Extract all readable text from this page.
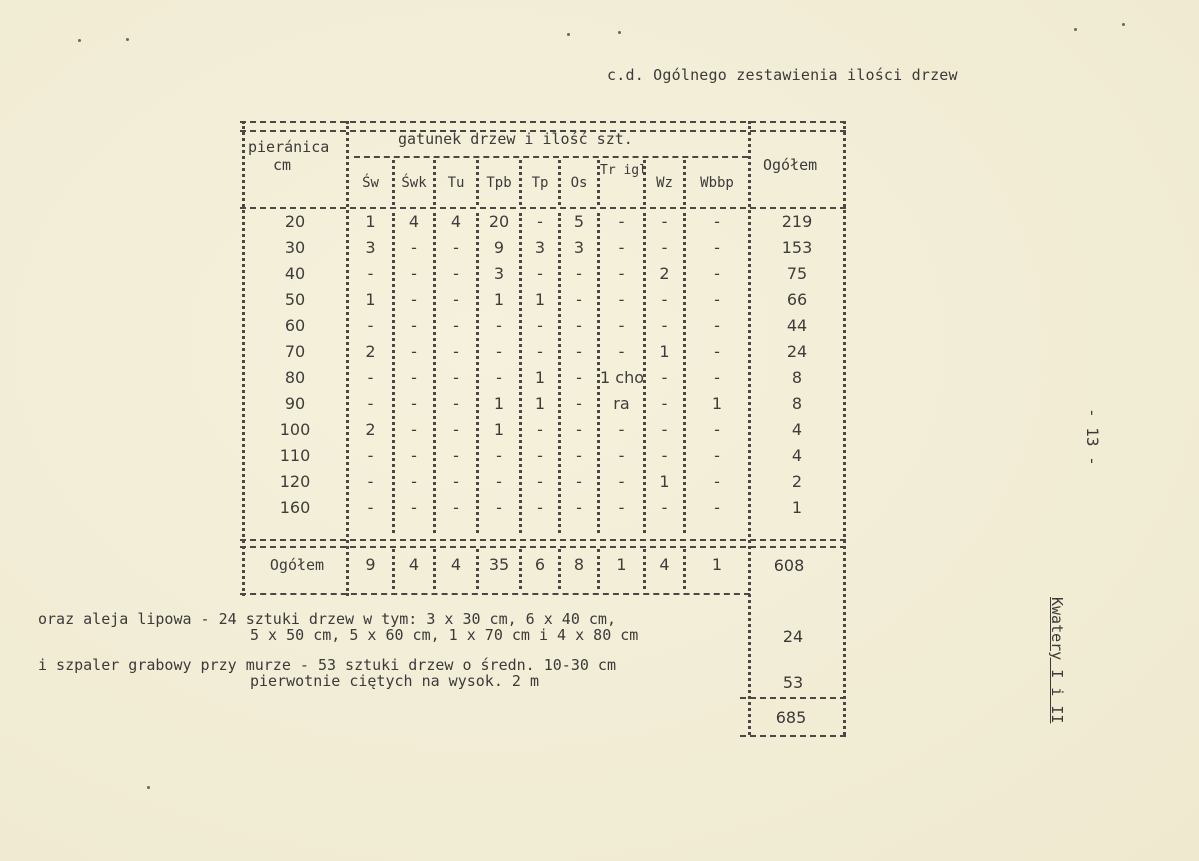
c.d. Ogólnego zestawienia ilości drzew
pieránica
cm
gatunek drzew i ilość szt.
Ogółem
Św	Śwk	Tu	Tpb	Tp	Os
Tr igl
Wz	Wbbp
20	1	4	4	20	-	5	-	-	-	219
30	3	-	-	9	3	3	-	-	-	153
40	-	-	-	3	-	-	-	2	-	75
50	1	-	-	1	1	-	-	-	-	66
60	-	-	-	-	-	-	-	-	-	44
70	2	-	-	-	-	-	-	1	-	24
80	-	-	-	-	1	-	1 cho	-	-	8
90	-	-	-	1	1	-	ra	-	1	8
100	2	-	-	1	-	-	-	-	-	4
110	-	-	-	-	-	-	-	-	-	4
120	-	-	-	-	-	-	-	1	-	2
160	-	-	-	-	-	-	-	-	-	1
Ogółem	9	4	4	35	6	8	1	4	1	608
oraz aleja lipowa - 24 sztuki drzew w tym: 3 x 30 cm, 6 x 40 cm,
5 x 50 cm, 5 x 60 cm, 1 x 70 cm i 4 x 80 cm	24
i szpaler grabowy przy murze - 53 sztuki drzew o średn. 10-30 cm
pierwotnie ciętych na wysok. 2 m	53
685
- 13 -
Kwatery I i II
